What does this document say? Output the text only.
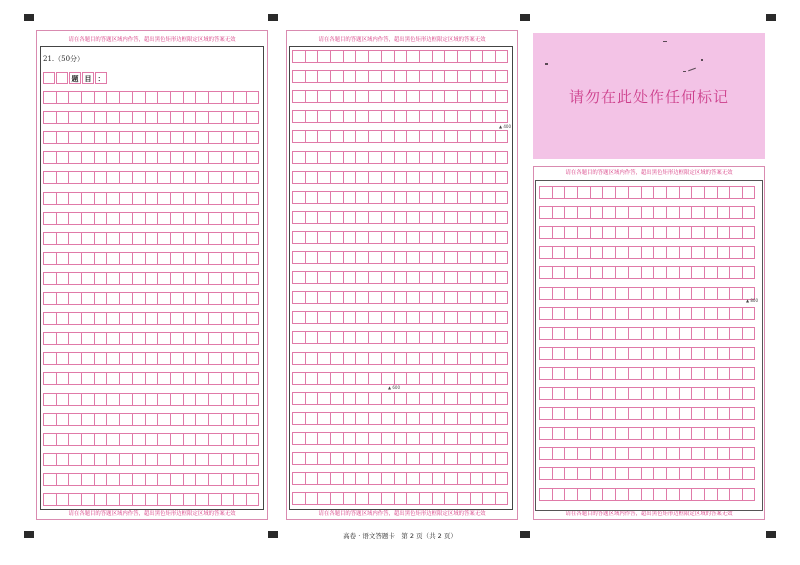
请在各题目的答题区域内作答，超出黑色矩形边框限定区域的答案无效
请在各题目的答题区域内作答，超出黑色矩形边框限定区域的答案无效
21.（50分）
题 目 ：
请在各题目的答题区域内作答，超出黑色矩形边框限定区域的答案无效
请在各题目的答题区域内作答，超出黑色矩形边框限定区域的答案无效
▲ 400
▲ 600
请勿在此处作任何标记
请在各题目的答题区域内作答，超出黑色矩形边框限定区域的答案无效
请在各题目的答题区域内作答，超出黑色矩形边框限定区域的答案无效
▲ 800
高卷 · 语文答题卡　第 2 页（共 2 页）
